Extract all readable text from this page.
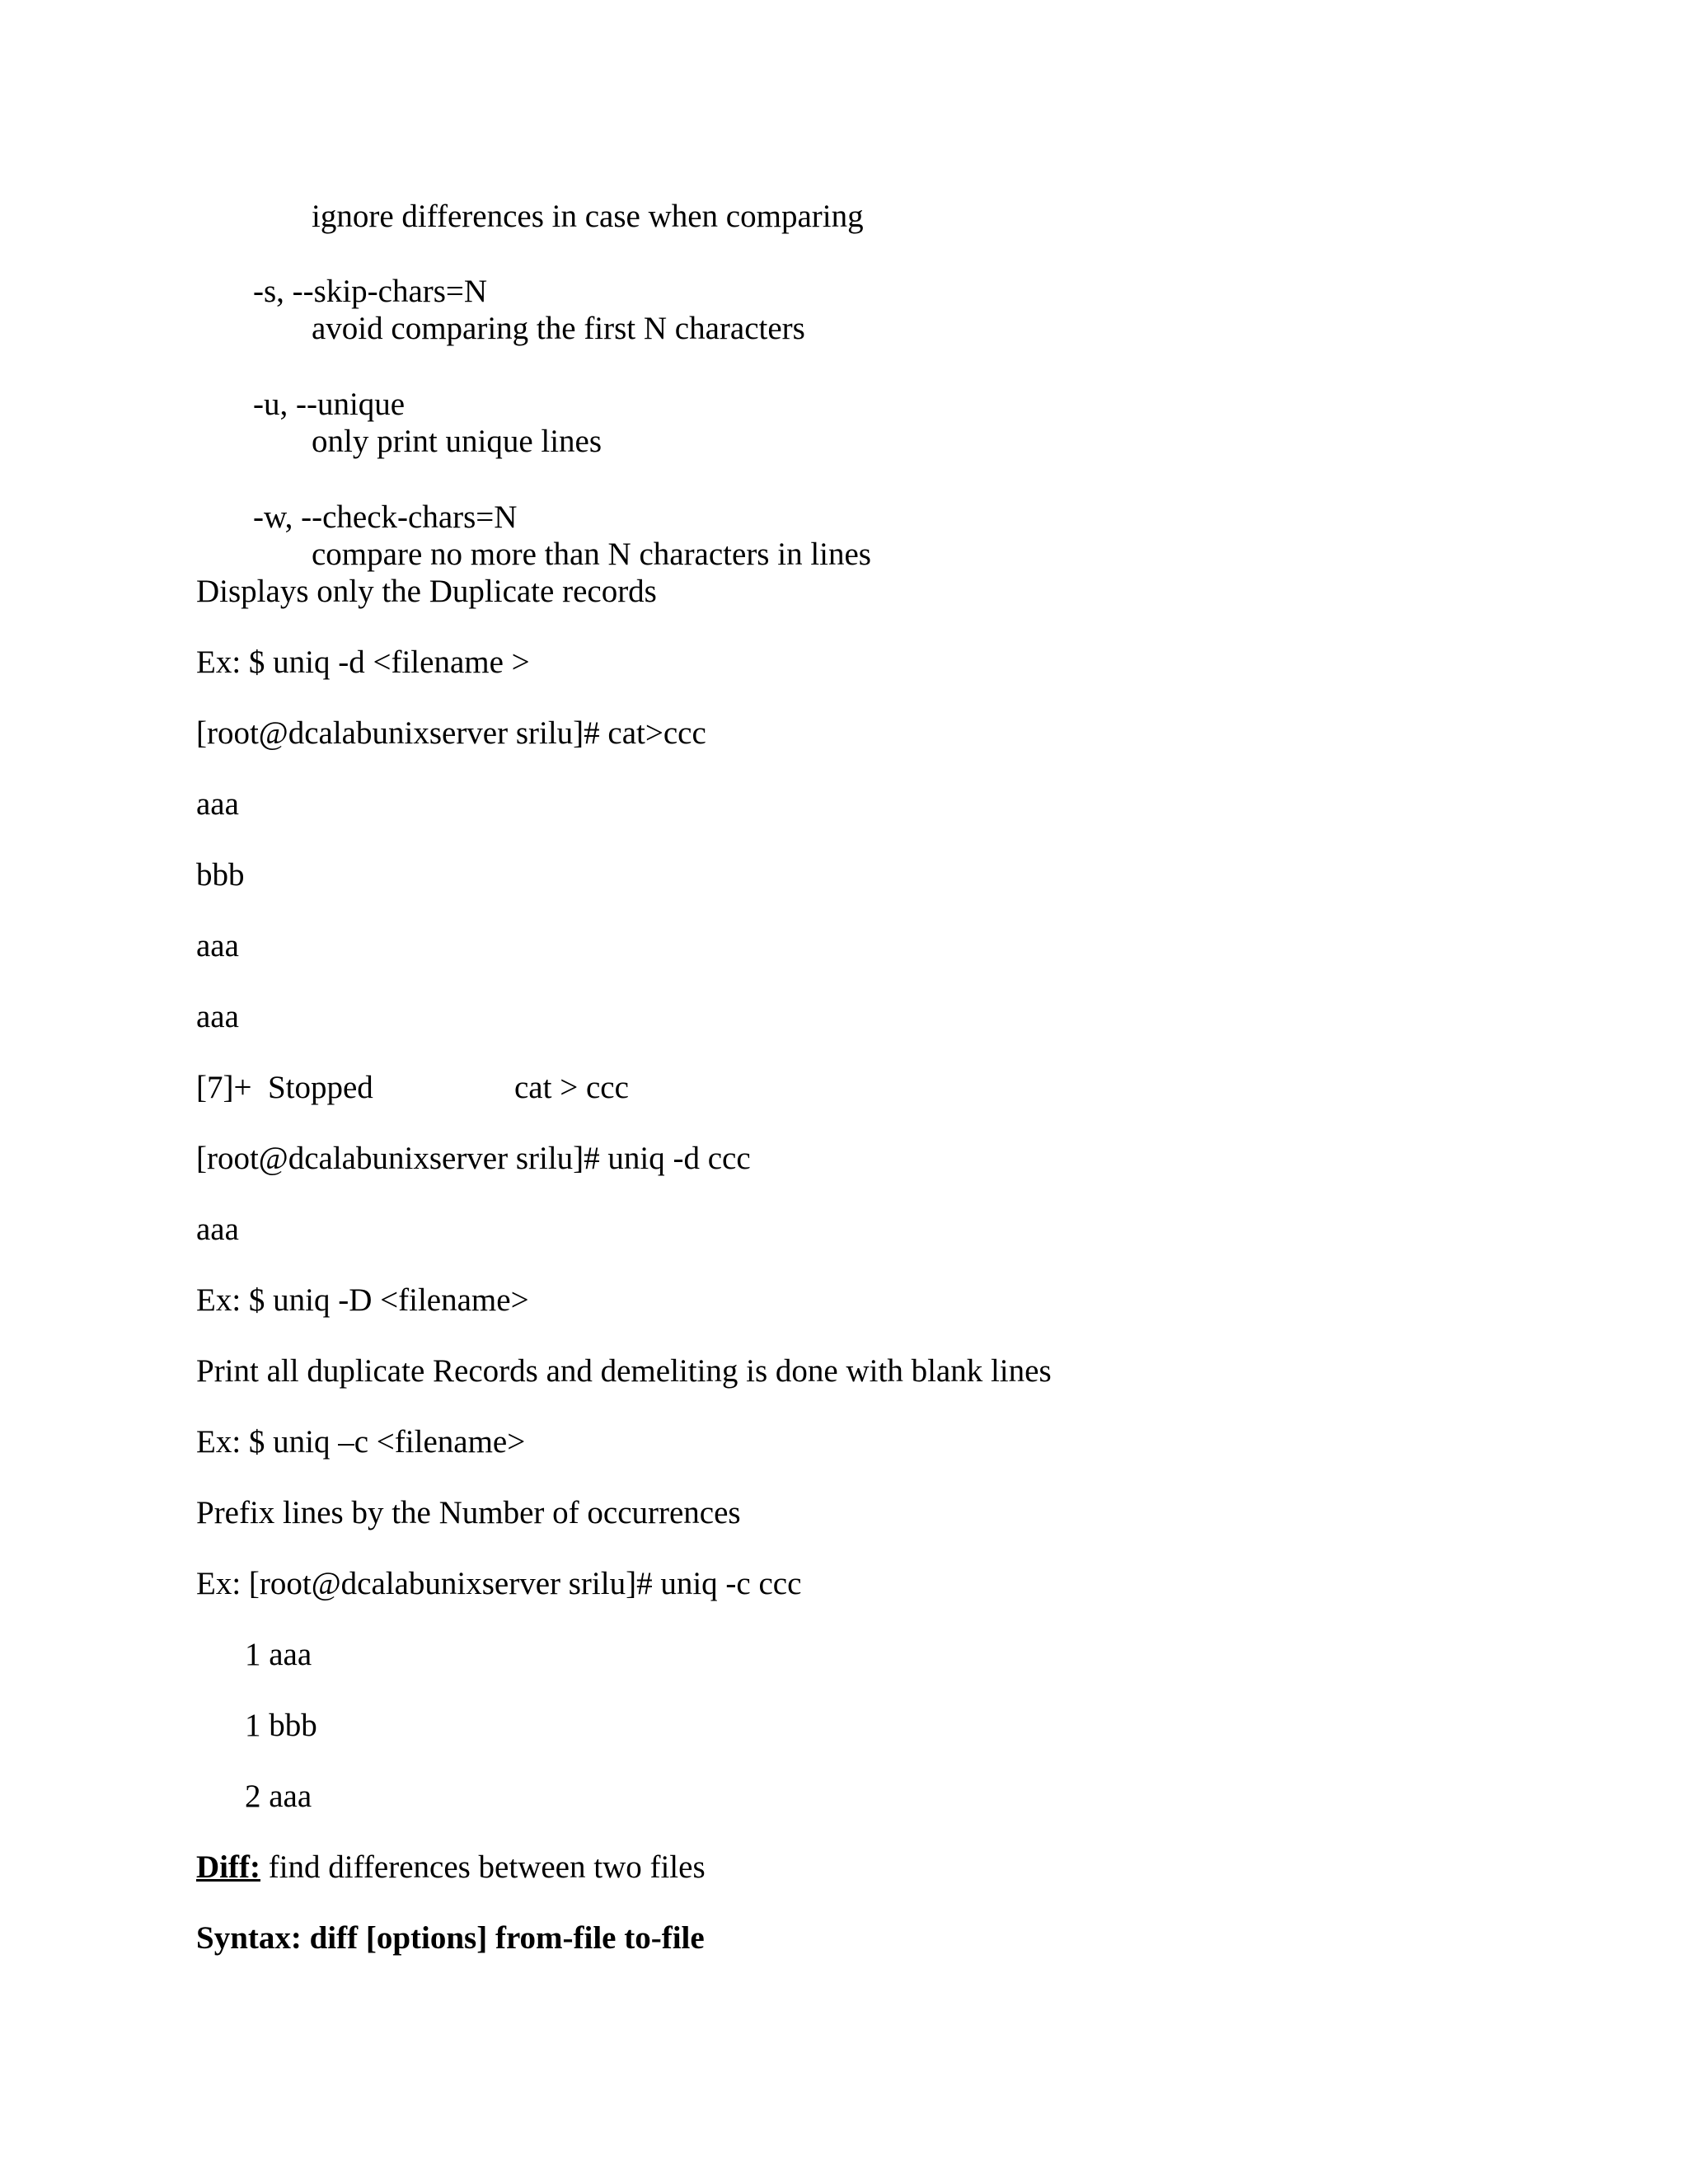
ignore differences in case when comparing

-s, --skip-chars=N

avoid comparing the first N characters

-u, --unique

only print unique lines

-w, --check-chars=N

compare no more than N characters in lines

Displays only the Duplicate records

Ex: $ uniq -d <filename >

[root@dcalabunixserver srilu]# cat>ccc

aaa

bbb

aaa

aaa

[7]+  Stopped	cat > ccc

[root@dcalabunixserver srilu]# uniq -d ccc

aaa

Ex: $ uniq -D <filename>

Print all duplicate Records and demeliting is done with blank lines

Ex: $ uniq –c <filename>

Prefix lines by the Number of occurrences

Ex: [root@dcalabunixserver srilu]# uniq -c ccc

1 aaa

1 bbb

2 aaa

Diff: find differences between two files

Syntax: diff [options] from-file to-file
